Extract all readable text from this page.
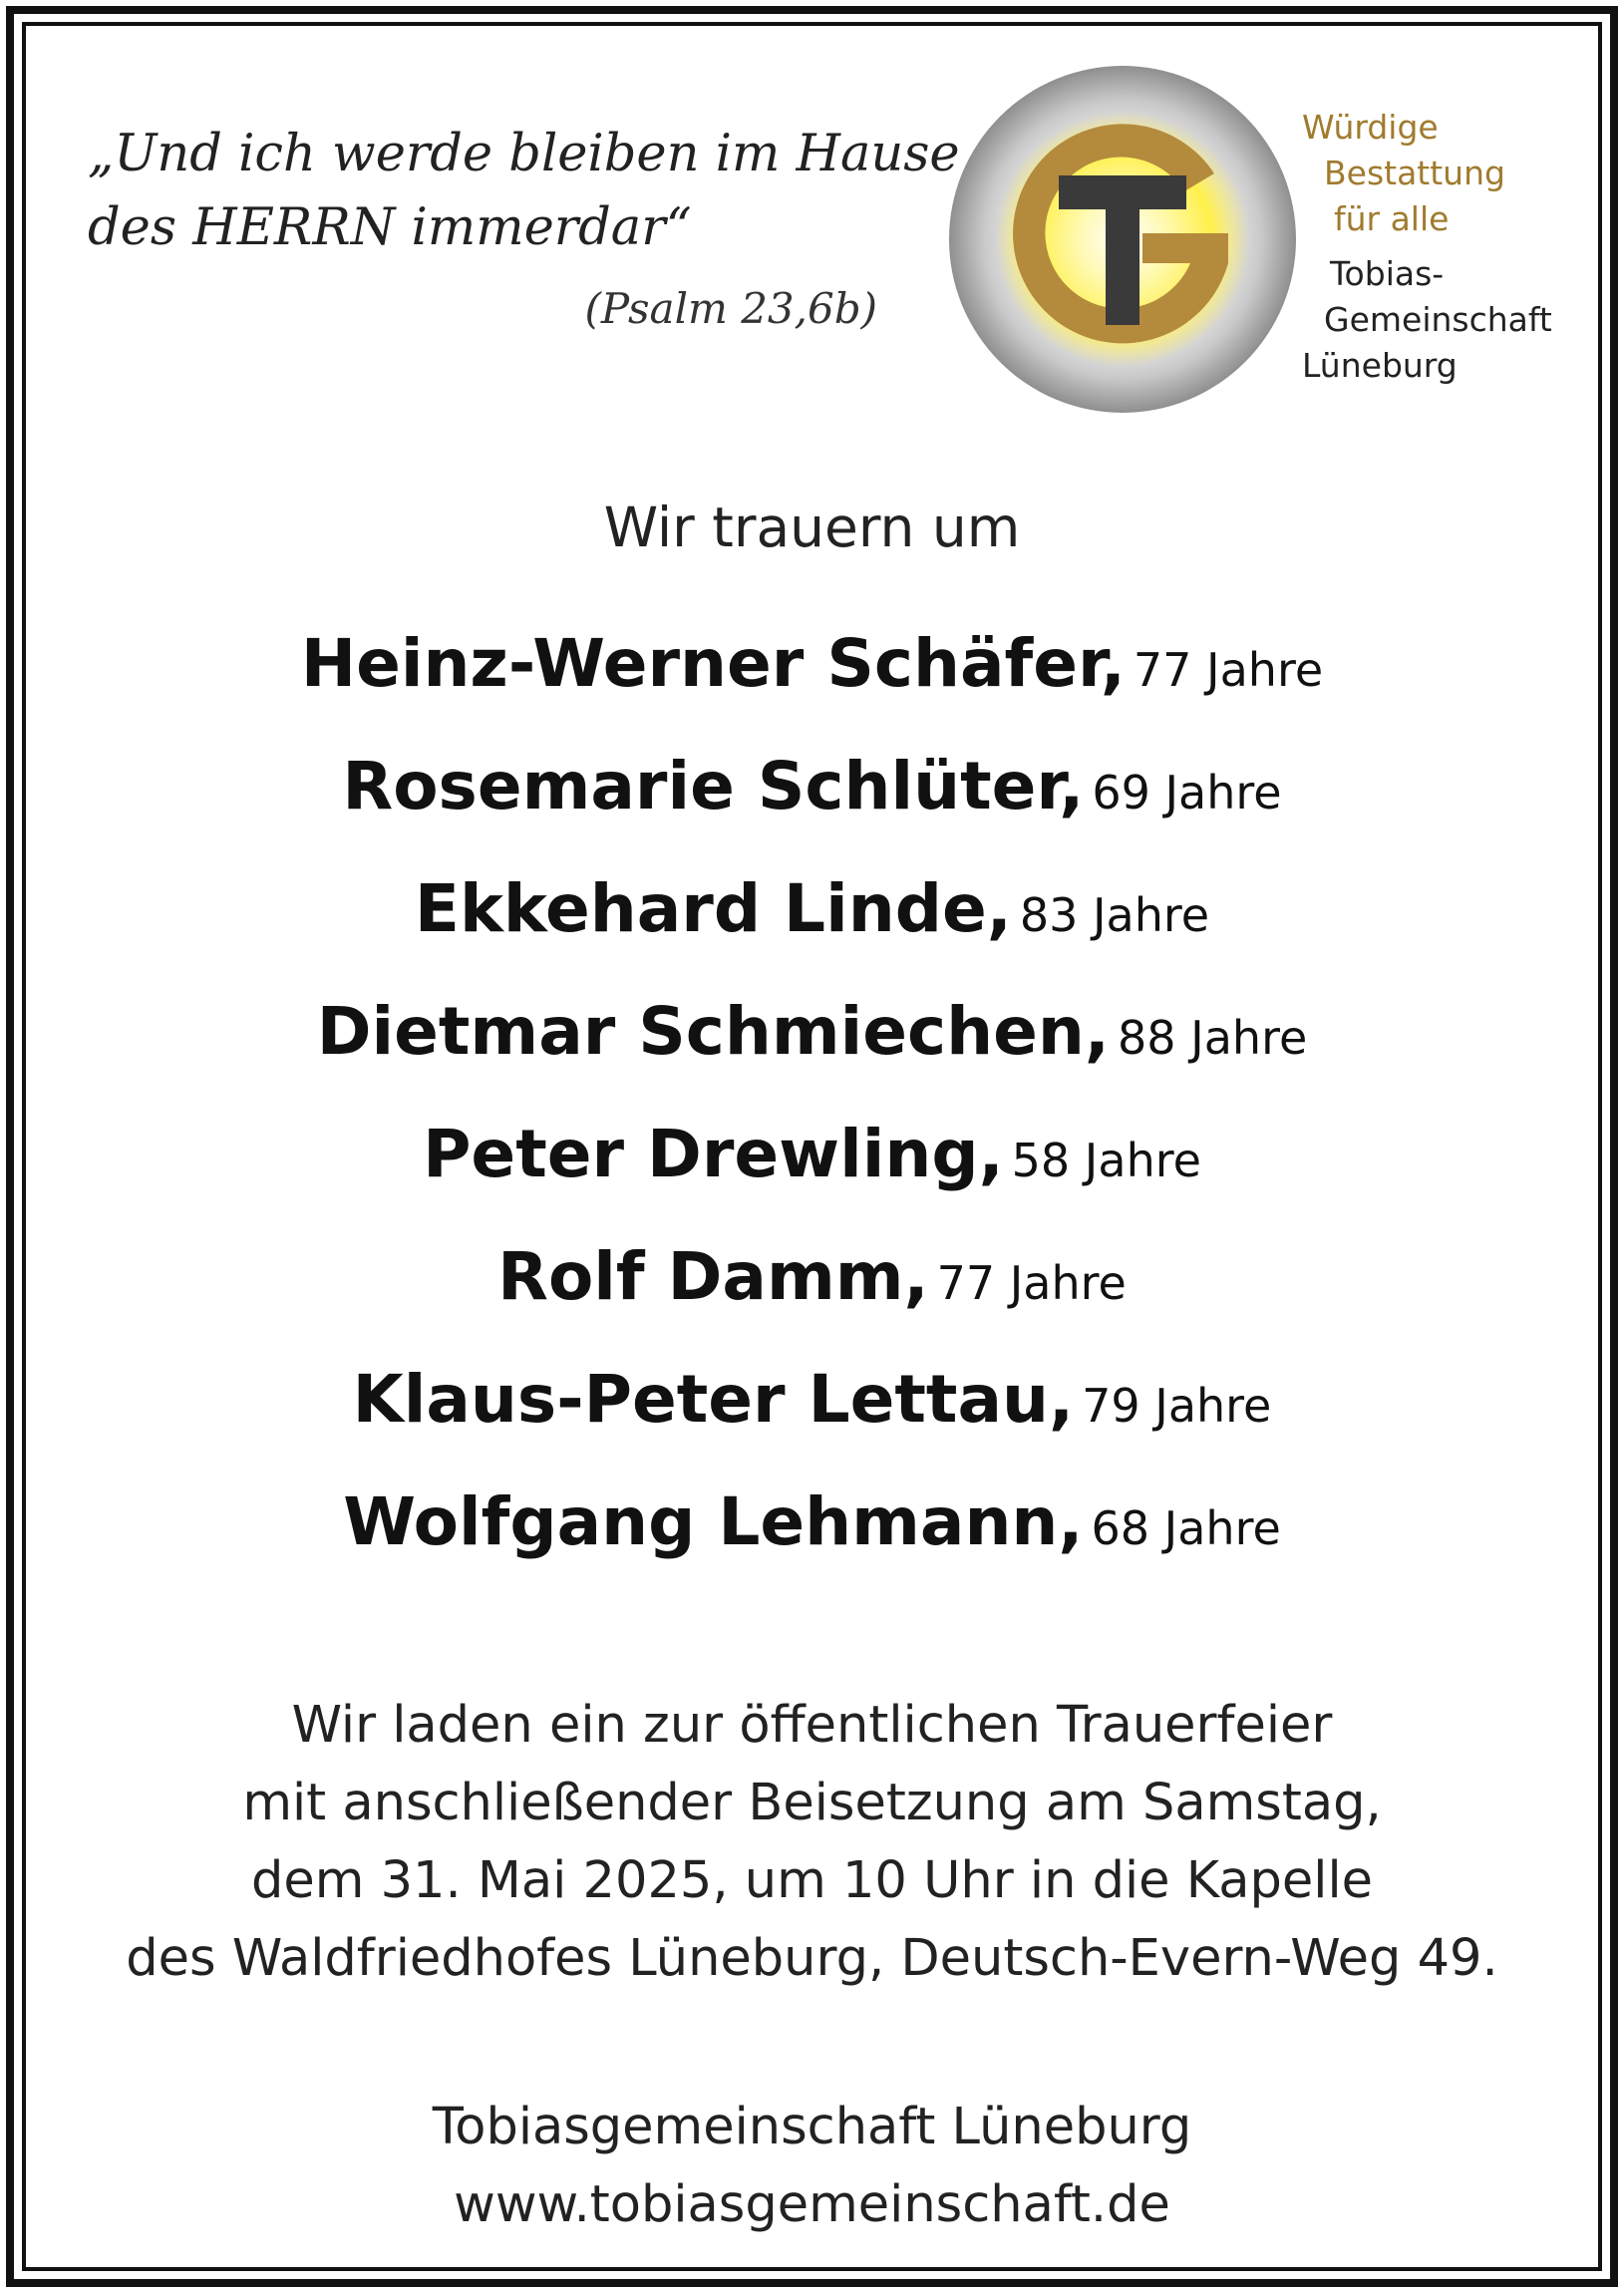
„Und ich werde bleiben im Hause
des HERRN immerdar“
(Psalm 23,6b)
Würdige
Bestattung
für alle
Tobias-
Gemeinschaft
Lüneburg
Wir trauern um
Heinz-Werner Schäfer, 77 Jahre
Rosemarie Schlüter, 69 Jahre
Ekkehard Linde, 83 Jahre
Dietmar Schmiechen, 88 Jahre
Peter Drewling, 58 Jahre
Rolf Damm, 77 Jahre
Klaus-Peter Lettau, 79 Jahre
Wolfgang Lehmann, 68 Jahre
Wir laden ein zur öffentlichen Trauerfeier
mit anschließender Beisetzung am Samstag,
dem 31. Mai 2025, um 10 Uhr in die Kapelle
des Waldfriedhofes Lüneburg, Deutsch-Evern-Weg 49.
Tobiasgemeinschaft Lüneburg
www.tobiasgemeinschaft.de
